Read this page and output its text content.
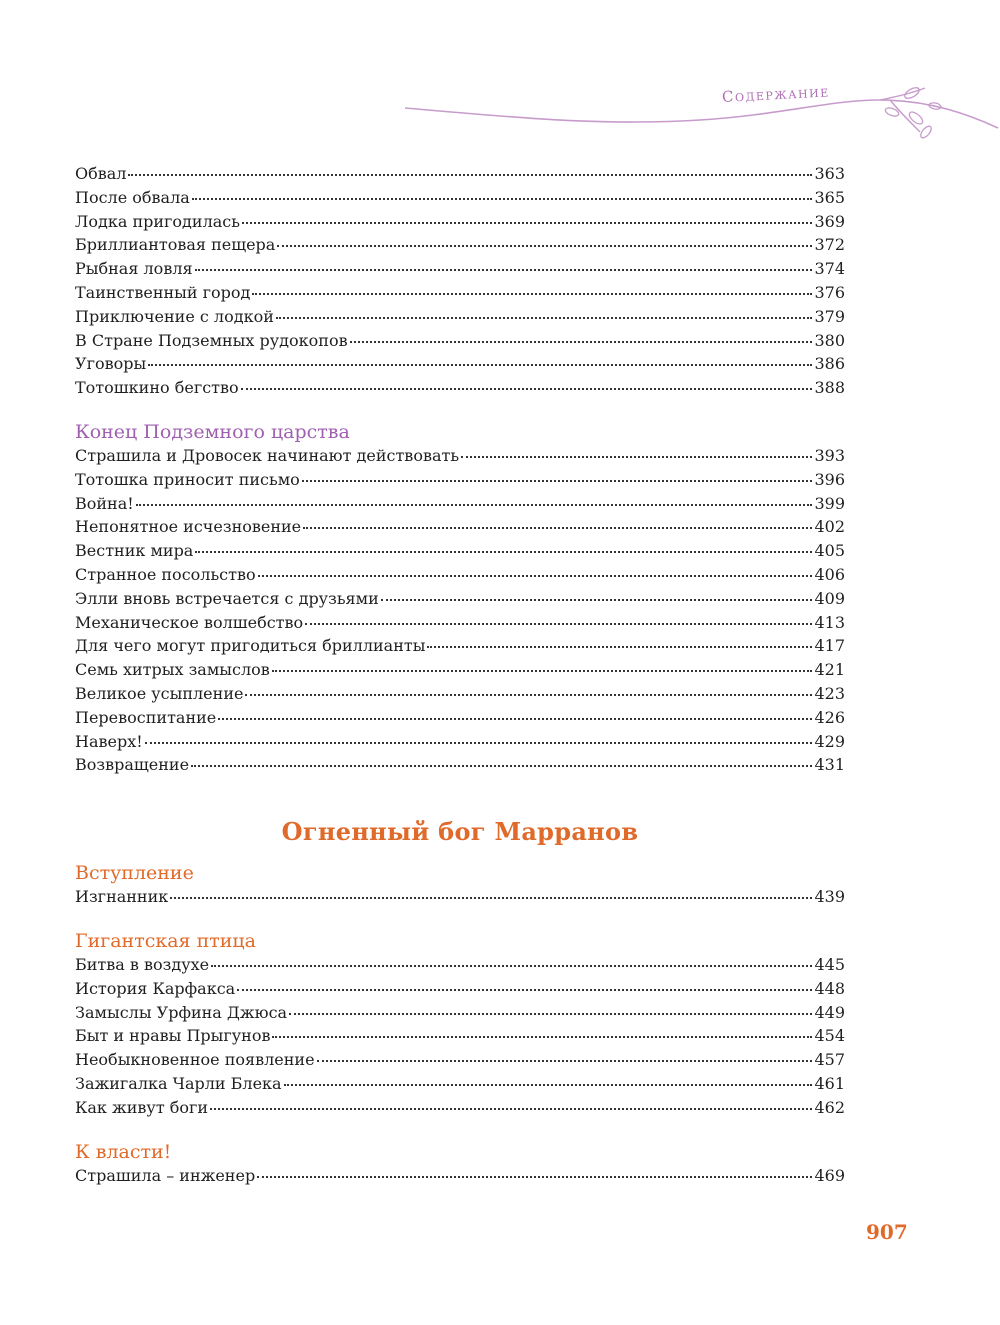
Содержание
Обвал	363
После обвала	365
Лодка пригодилась	369
Бриллиантовая пещера	372
Рыбная ловля	374
Таинственный город	376
Приключение с лодкой	379
В Стране Подземных рудокопов	380
Уговоры	386
Тотошкино бегство	388
Конец Подземного царства
Страшила и Дровосек начинают действовать	393
Тотошка приносит письмо	396
Война!	399
Непонятное исчезновение	402
Вестник мира	405
Странное посольство	406
Элли вновь встречается с друзьями	409
Механическое волшебство	413
Для чего могут пригодиться бриллианты	417
Семь хитрых замыслов	421
Великое усыпление	423
Перевоспитание	426
Наверх!	429
Возвращение	431
Огненный бог Марранов
Вступление
Изгнанник	439
Гигантская птица
Битва в воздухе	445
История Карфакса	448
Замыслы Урфина Джюса	449
Быт и нравы Прыгунов	454
Необыкновенное появление	457
Зажигалка Чарли Блека	461
Как живут боги	462
К власти!
Страшила – инженер	469
907
